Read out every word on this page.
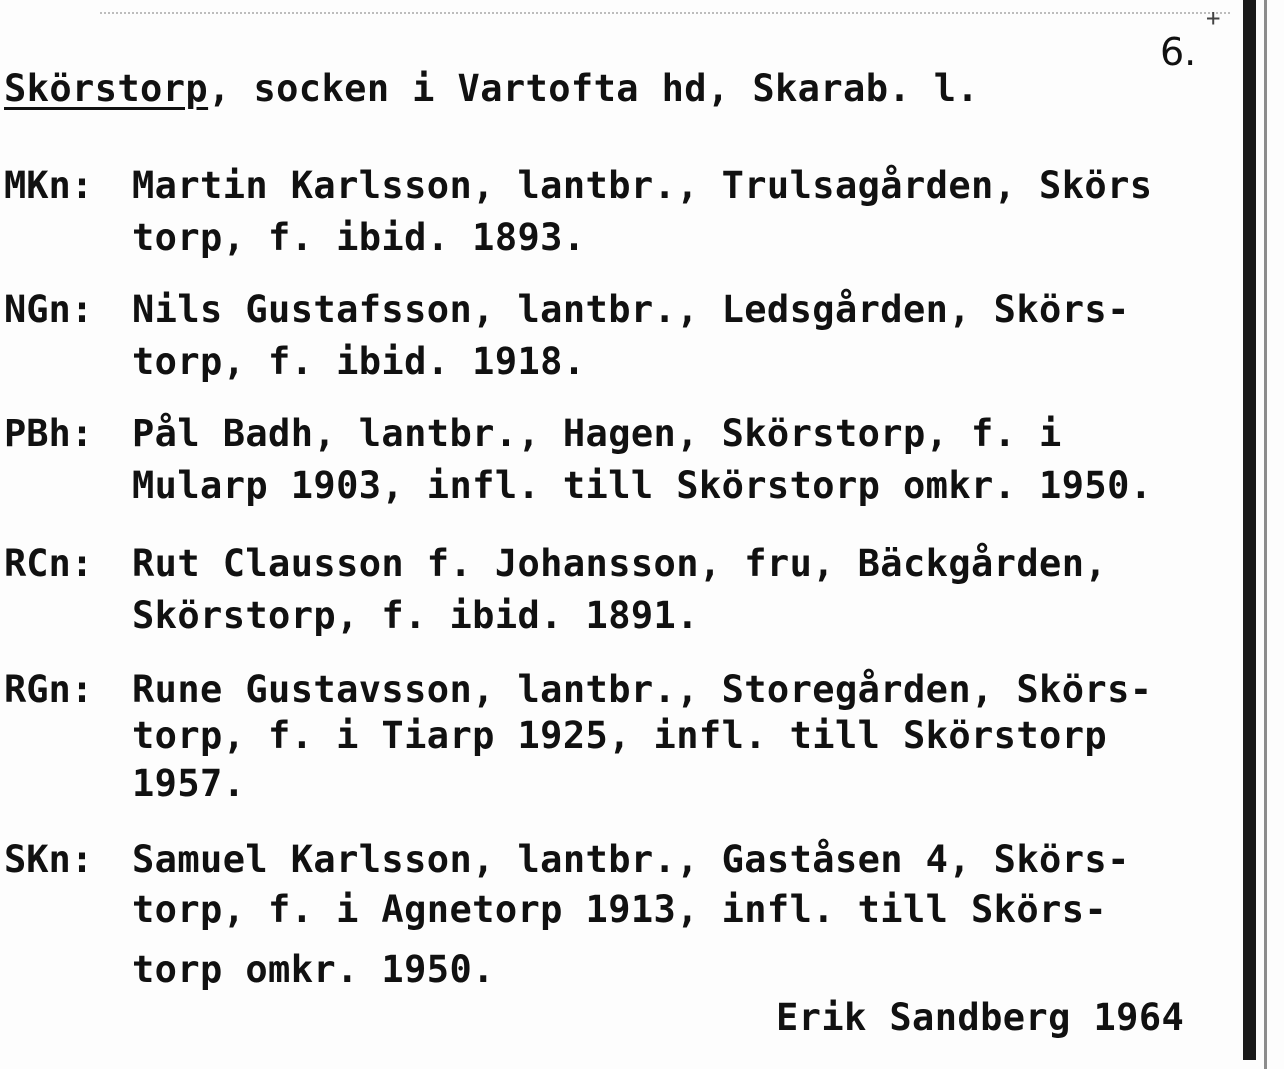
+
6.
Skörstorp, socken i Vartofta hd, Skarab. l.
MKn: Martin Karlsson, lantbr., Trulsagården, Skörs
torp, f. ibid. 1893.
NGn: Nils Gustafsson, lantbr., Ledsgården, Skörs-
torp, f. ibid. 1918.
PBh: Pål Badh, lantbr., Hagen, Skörstorp, f. i
Mularp 1903, infl. till Skörstorp omkr. 1950.
RCn: Rut Clausson f. Johansson, fru, Bäckgården,
Skörstorp, f. ibid. 1891.
RGn: Rune Gustavsson, lantbr., Storegården, Skörs-
torp, f. i Tiarp 1925, infl. till Skörstorp
1957.
SKn: Samuel Karlsson, lantbr., Gaståsen 4, Skörs-
torp, f. i Agnetorp 1913, infl. till Skörs-
torp omkr. 1950.
Erik Sandberg 1964
